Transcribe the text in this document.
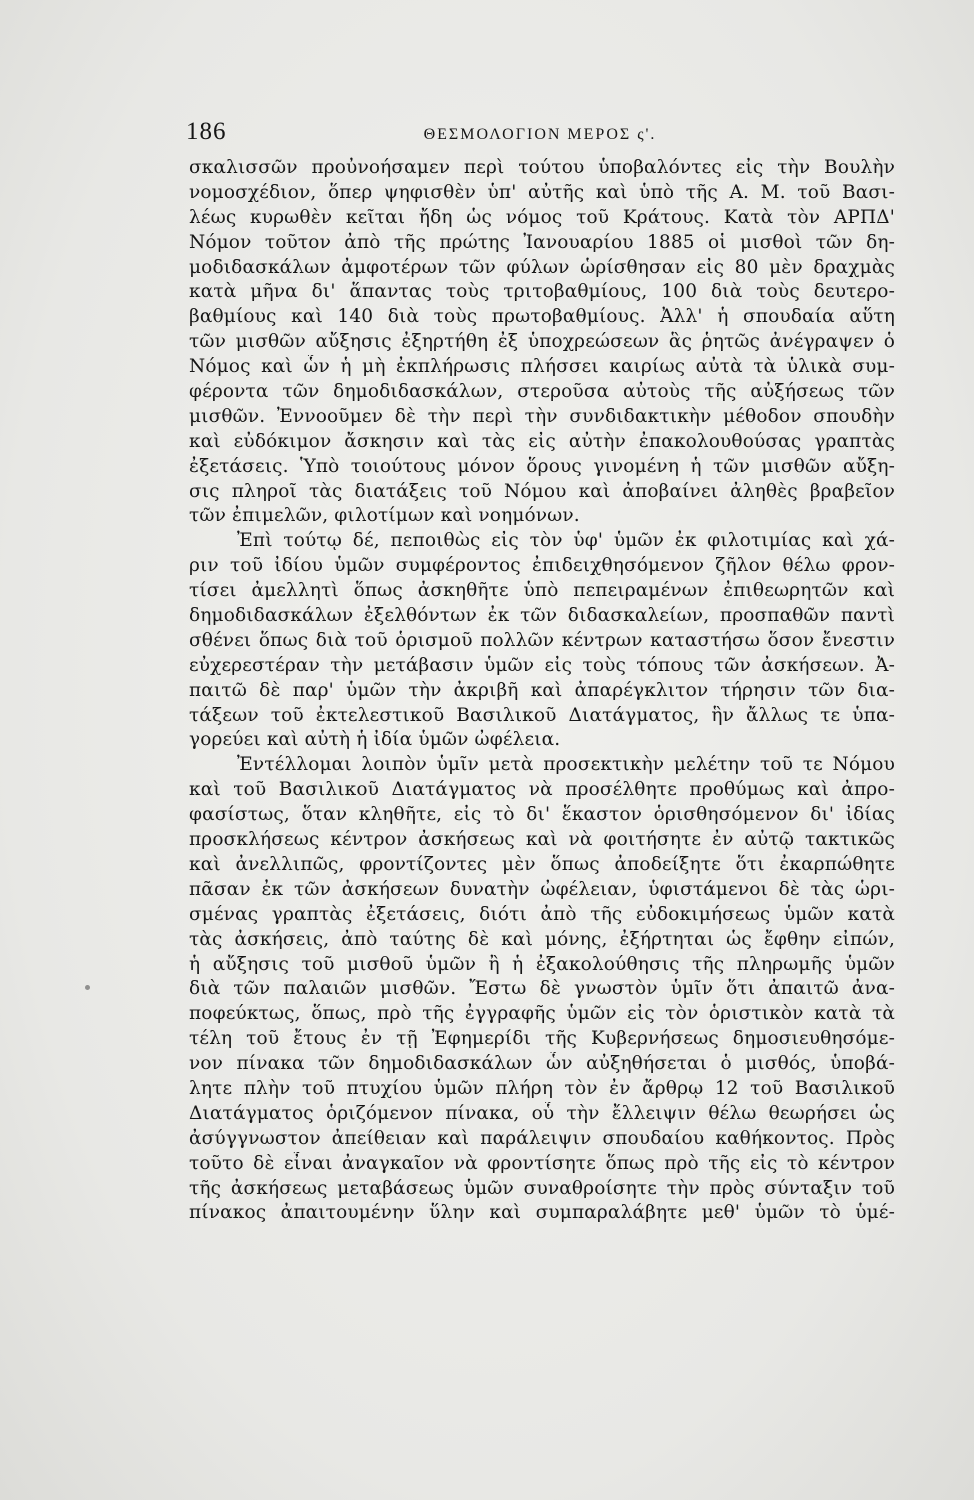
186	ΘΕΣΜΟΛΟΓΙΟΝ ΜΕΡΟΣ ς'.
σκαλισσῶν προὐνοήσαμεν περὶ τούτου ὑποβαλόντες εἰς τὴν Βουλὴν
νομοσχέδιον, ὅπερ ψηφισθὲν ὑπ' αὐτῆς καὶ ὑπὸ τῆς Α. Μ. τοῦ Βασι-
λέως κυρωθὲν κεῖται ἤδη ὡς νόμος τοῦ Κράτους. Κατὰ τὸν ΑΡΠΔ'
Νόμον τοῦτον ἀπὸ τῆς πρώτης Ἰανουαρίου 1885 οἱ μισθοὶ τῶν δη-
μοδιδασκάλων ἀμφοτέρων τῶν φύλων ὡρίσθησαν εἰς 80 μὲν δραχμὰς
κατὰ μῆνα δι' ἅπαντας τοὺς τριτοβαθμίους, 100 διὰ τοὺς δευτερο-
βαθμίους καὶ 140 διὰ τοὺς πρωτοβαθμίους. Ἀλλ' ἡ σπουδαία αὕτη
τῶν μισθῶν αὔξησις ἐξηρτήθη ἐξ ὑποχρεώσεων ἃς ῥητῶς ἀνέγραψεν ὁ
Νόμος καὶ ὧν ἡ μὴ ἐκπλήρωσις πλήσσει καιρίως αὐτὰ τὰ ὑλικὰ συμ-
φέροντα τῶν δημοδιδασκάλων, στεροῦσα αὐτοὺς τῆς αὐξήσεως τῶν
μισθῶν. Ἐννοοῦμεν δὲ τὴν περὶ τὴν συνδιδακτικὴν μέθοδον σπουδὴν
καὶ εὐδόκιμον ἄσκησιν καὶ τὰς εἰς αὐτὴν ἐπακολουθούσας γραπτὰς
ἐξετάσεις. Ὑπὸ τοιούτους μόνον ὅρους γινομένη ἡ τῶν μισθῶν αὔξη-
σις πληροῖ τὰς διατάξεις τοῦ Νόμου καὶ ἀποβαίνει ἀληθὲς βραβεῖον
τῶν ἐπιμελῶν, φιλοτίμων καὶ νοημόνων.
Ἐπὶ τούτῳ δέ, πεποιθὼς εἰς τὸν ὑφ' ὑμῶν ἐκ φιλοτιμίας καὶ χά-
ριν τοῦ ἰδίου ὑμῶν συμφέροντος ἐπιδειχθησόμενον ζῆλον θέλω φρον-
τίσει ἀμελλητὶ ὅπως ἀσκηθῆτε ὑπὸ πεπειραμένων ἐπιθεωρητῶν καὶ
δημοδιδασκάλων ἐξελθόντων ἐκ τῶν διδασκαλείων, προσπαθῶν παντὶ
σθένει ὅπως διὰ τοῦ ὁρισμοῦ πολλῶν κέντρων καταστήσω ὅσον ἔνεστιν
εὐχερεστέραν τὴν μετάβασιν ὑμῶν εἰς τοὺς τόπους τῶν ἀσκήσεων. Ἀ-
παιτῶ δὲ παρ' ὑμῶν τὴν ἀκριβῆ καὶ ἀπαρέγκλιτον τήρησιν τῶν δια-
τάξεων τοῦ ἐκτελεστικοῦ Βασιλικοῦ Διατάγματος, ἣν ἄλλως τε ὑπα-
γορεύει καὶ αὐτὴ ἡ ἰδία ὑμῶν ὠφέλεια.
Ἐντέλλομαι λοιπὸν ὑμῖν μετὰ προσεκτικὴν μελέτην τοῦ τε Νόμου
καὶ τοῦ Βασιλικοῦ Διατάγματος νὰ προσέλθητε προθύμως καὶ ἀπρο-
φασίστως, ὅταν κληθῆτε, εἰς τὸ δι' ἕκαστον ὁρισθησόμενον δι' ἰδίας
προσκλήσεως κέντρον ἀσκήσεως καὶ νὰ φοιτήσητε ἐν αὐτῷ τακτικῶς
καὶ ἀνελλιπῶς, φροντίζοντες μὲν ὅπως ἀποδείξητε ὅτι ἐκαρπώθητε
πᾶσαν ἐκ τῶν ἀσκήσεων δυνατὴν ὠφέλειαν, ὑφιστάμενοι δὲ τὰς ὡρι-
σμένας γραπτὰς ἐξετάσεις, διότι ἀπὸ τῆς εὐδοκιμήσεως ὑμῶν κατὰ
τὰς ἀσκήσεις, ἀπὸ ταύτης δὲ καὶ μόνης, ἐξήρτηται ὡς ἔφθην εἰπών,
ἡ αὔξησις τοῦ μισθοῦ ὑμῶν ἢ ἡ ἐξακολούθησις τῆς πληρωμῆς ὑμῶν
διὰ τῶν παλαιῶν μισθῶν. Ἔστω δὲ γνωστὸν ὑμῖν ὅτι ἀπαιτῶ ἀνα-
ποφεύκτως, ὅπως, πρὸ τῆς ἐγγραφῆς ὑμῶν εἰς τὸν ὁριστικὸν κατὰ τὰ
τέλη τοῦ ἔτους ἐν τῇ Ἐφημερίδι τῆς Κυβερνήσεως δημοσιευθησόμε-
νον πίνακα τῶν δημοδιδασκάλων ὧν αὐξηθήσεται ὁ μισθός, ὑποβά-
λητε πλὴν τοῦ πτυχίου ὑμῶν πλήρη τὸν ἐν ἄρθρῳ 12 τοῦ Βασιλικοῦ
Διατάγματος ὁριζόμενον πίνακα, οὗ τὴν ἔλλειψιν θέλω θεωρήσει ὡς
ἀσύγγνωστον ἀπείθειαν καὶ παράλειψιν σπουδαίου καθήκοντος. Πρὸς
τοῦτο δὲ εἶναι ἀναγκαῖον νὰ φροντίσητε ὅπως πρὸ τῆς εἰς τὸ κέντρον
τῆς ἀσκήσεως μεταβάσεως ὑμῶν συναθροίσητε τὴν πρὸς σύνταξιν τοῦ
πίνακος ἀπαιτουμένην ὕλην καὶ συμπαραλάβητε μεθ' ὑμῶν τὸ ὑμέ-
